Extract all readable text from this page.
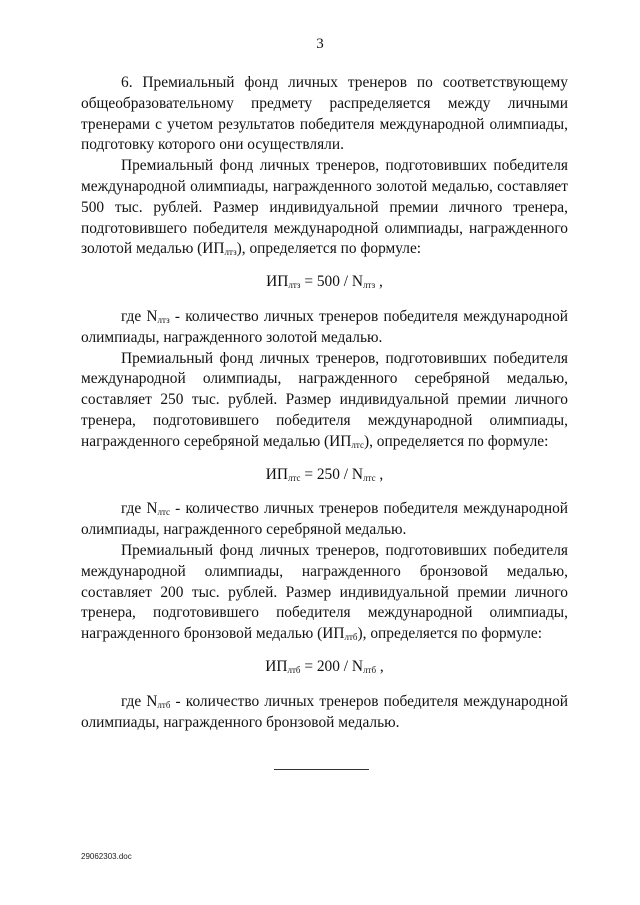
3

6. Премиальный фонд личных тренеров по соответствующему общеобразовательному предмету распределяется между личными тренерами с учетом результатов победителя международной олимпиады, подготовку которого они осуществляли.

Премиальный фонд личных тренеров, подготовивших победителя международной олимпиады, награжденного золотой медалью, составляет 500 тыс. рублей. Размер индивидуальной премии личного тренера, подготовившего победителя международной олимпиады, награжденного золотой медалью $(ИП_{лтз})$, определяется по формуле:

$ИП_{лтз} = 500 / N_{лтз}$ ,

где $N_{лтз}$ - количество личных тренеров победителя международной олимпиады, награжденного золотой медалью.

Премиальный фонд личных тренеров, подготовивших победителя международной олимпиады, награжденного серебряной медалью, составляет 250 тыс. рублей. Размер индивидуальной премии личного тренера, подготовившего победителя международной олимпиады, награжденного серебряной медалью $(ИП_{лтс})$, определяется по формуле:

$ИП_{лтс} = 250 / N_{лтс}$ ,

где $N_{лтс}$ - количество личных тренеров победителя международной олимпиады, награжденного серебряной медалью.

Премиальный фонд личных тренеров, подготовивших победителя международной олимпиады, награжденного бронзовой медалью, составляет 200 тыс. рублей. Размер индивидуальной премии личного тренера, подготовившего победителя международной олимпиады, награжденного бронзовой медалью $(ИП_{лтб})$, определяется по формуле:

$ИП_{лтб} = 200 / N_{лтб}$ ,

где $N_{лтб}$ - количество личных тренеров победителя международной олимпиады, награжденного бронзовой медалью.

29062303.doc
